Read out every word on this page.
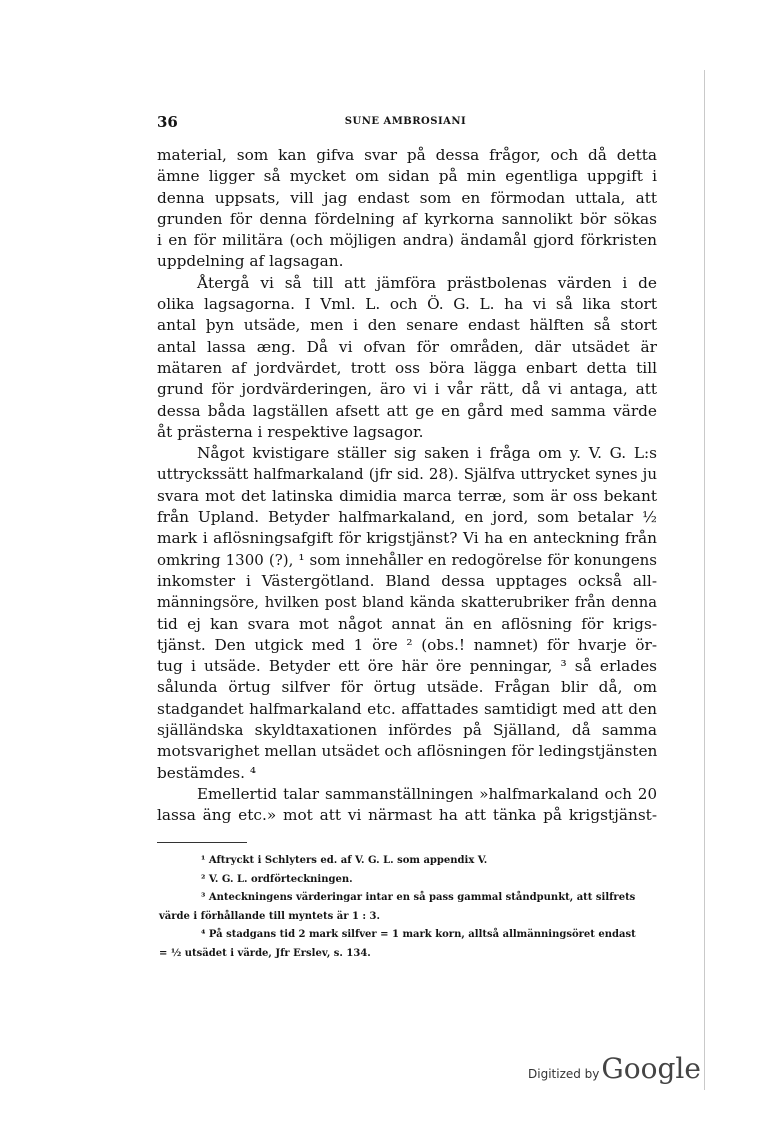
36	SUNE AMBROSIANI
material, som kan gifva svar på dessa frågor, och då detta
ämne ligger så mycket om sidan på min egentliga uppgift i
denna uppsats, vill jag endast som en förmodan uttala, att
grunden för denna fördelning af kyrkorna sannolikt bör sökas
i en för militära (och möjligen andra) ändamål gjord förkristen
uppdelning af lagsagan.
Återgå vi så till att jämföra prästbolenas värden i de
olika lagsagorna. I Vml. L. och Ö. G. L. ha vi så lika stort
antal þyn utsäde, men i den senare endast hälften så stort
antal lassa æng. Då vi ofvan för områden, där utsädet är
mätaren af jordvärdet, trott oss böra lägga enbart detta till
grund för jordvärderingen, äro vi i vår rätt, då vi antaga, att
dessa båda lagställen afsett att ge en gård med samma värde
åt prästerna i respektive lagsagor.
Något kvistigare ställer sig saken i fråga om y. V. G. L:s
uttryckssätt halfmarkaland (jfr sid. 28). Själfva uttrycket synes ju
svara mot det latinska dimidia marca terræ, som är oss bekant
från Upland. Betyder halfmarkaland, en jord, som betalar ½
mark i aflösningsafgift för krigstjänst? Vi ha en anteckning från
omkring 1300 (?), ¹ som innehåller en redogörelse för konungens
inkomster i Västergötland. Bland dessa upptages också all-
männingsöre, hvilken post bland kända skatterubriker från denna
tid ej kan svara mot något annat än en aflösning för krigs-
tjänst. Den utgick med 1 öre ² (obs.! namnet) för hvarje ör-
tug i utsäde. Betyder ett öre här öre penningar, ³ så erlades
sålunda örtug silfver för örtug utsäde. Frågan blir då, om
stadgandet halfmarkaland etc. affattades samtidigt med att den
själländska skyldtaxationen infördes på Själland, då samma
motsvarighet mellan utsädet och aflösningen för ledingstjänsten
bestämdes. ⁴
Emellertid talar sammanställningen »halfmarkaland och 20
lassa äng etc.» mot att vi närmast ha att tänka på krigstjänst-
¹ Aftryckt i Schlyters ed. af V. G. L. som appendix V.
² V. G. L. ordförteckningen.
³ Anteckningens värderingar intar en så pass gammal ståndpunkt, att silfrets
värde i förhållande till myntets är 1 : 3.
⁴ På stadgans tid 2 mark silfver = 1 mark korn, alltså allmänningsöret endast
= ½ utsädet i värde, Jfr Erslev, s. 134.
Digitized by Google
